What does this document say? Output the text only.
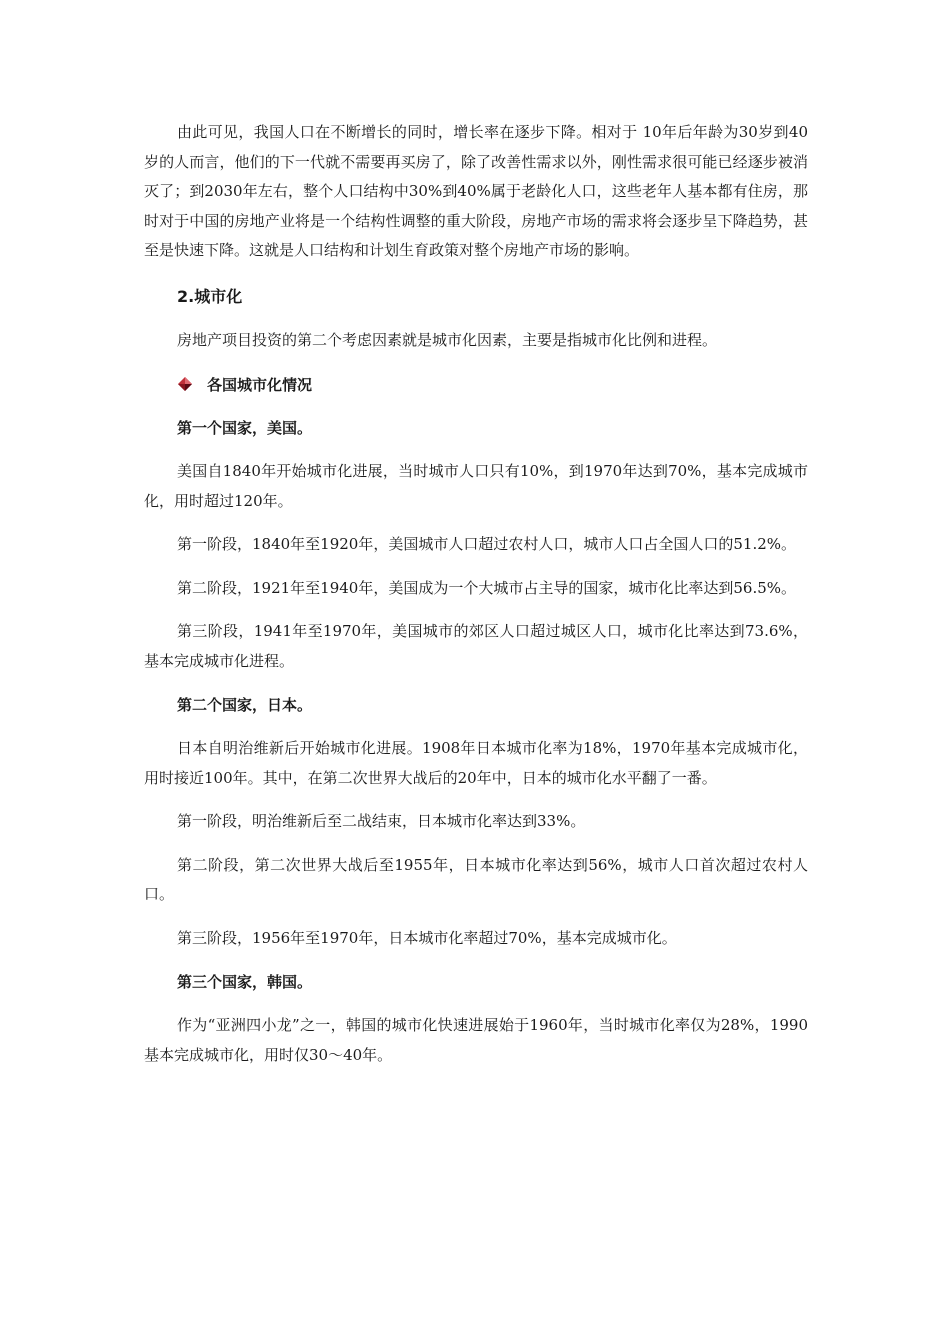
由此可见，我国人口在不断增长的同时，增长率在逐步下降。相对于 10年后年龄为30岁到40岁的人而言，他们的下一代就不需要再买房了，除了改善性需求以外，刚性需求很可能已经逐步被消灭了；到2030年左右，整个人口结构中30%到40%属于老龄化人口，这些老年人基本都有住房，那时对于中国的房地产业将是一个结构性调整的重大阶段，房地产市场的需求将会逐步呈下降趋势，甚至是快速下降。这就是人口结构和计划生育政策对整个房地产市场的影响。

2.城市化

房地产项目投资的第二个考虑因素就是城市化因素，主要是指城市化比例和进程。

各国城市化情况
第一个国家，美国。

美国自1840年开始城市化进展，当时城市人口只有10%，到1970年达到70%，基本完成城市化，用时超过120年。

第一阶段，1840年至1920年，美国城市人口超过农村人口，城市人口占全国人口的51.2%。

第二阶段，1921年至1940年，美国成为一个大城市占主导的国家，城市化比率达到56.5%。

第三阶段，1941年至1970年，美国城市的郊区人口超过城区人口，城市化比率达到73.6%，基本完成城市化进程。

第二个国家，日本。

日本自明治维新后开始城市化进展。1908年日本城市化率为18%，1970年基本完成城市化，用时接近100年。其中，在第二次世界大战后的20年中，日本的城市化水平翻了一番。

第一阶段，明治维新后至二战结束，日本城市化率达到33%。

第二阶段，第二次世界大战后至1955年，日本城市化率达到56%，城市人口首次超过农村人口。

第三阶段，1956年至1970年，日本城市化率超过70%，基本完成城市化。

第三个国家，韩国。

作为“亚洲四小龙”之一，韩国的城市化快速进展始于1960年，当时城市化率仅为28%，1990基本完成城市化，用时仅30～40年。
